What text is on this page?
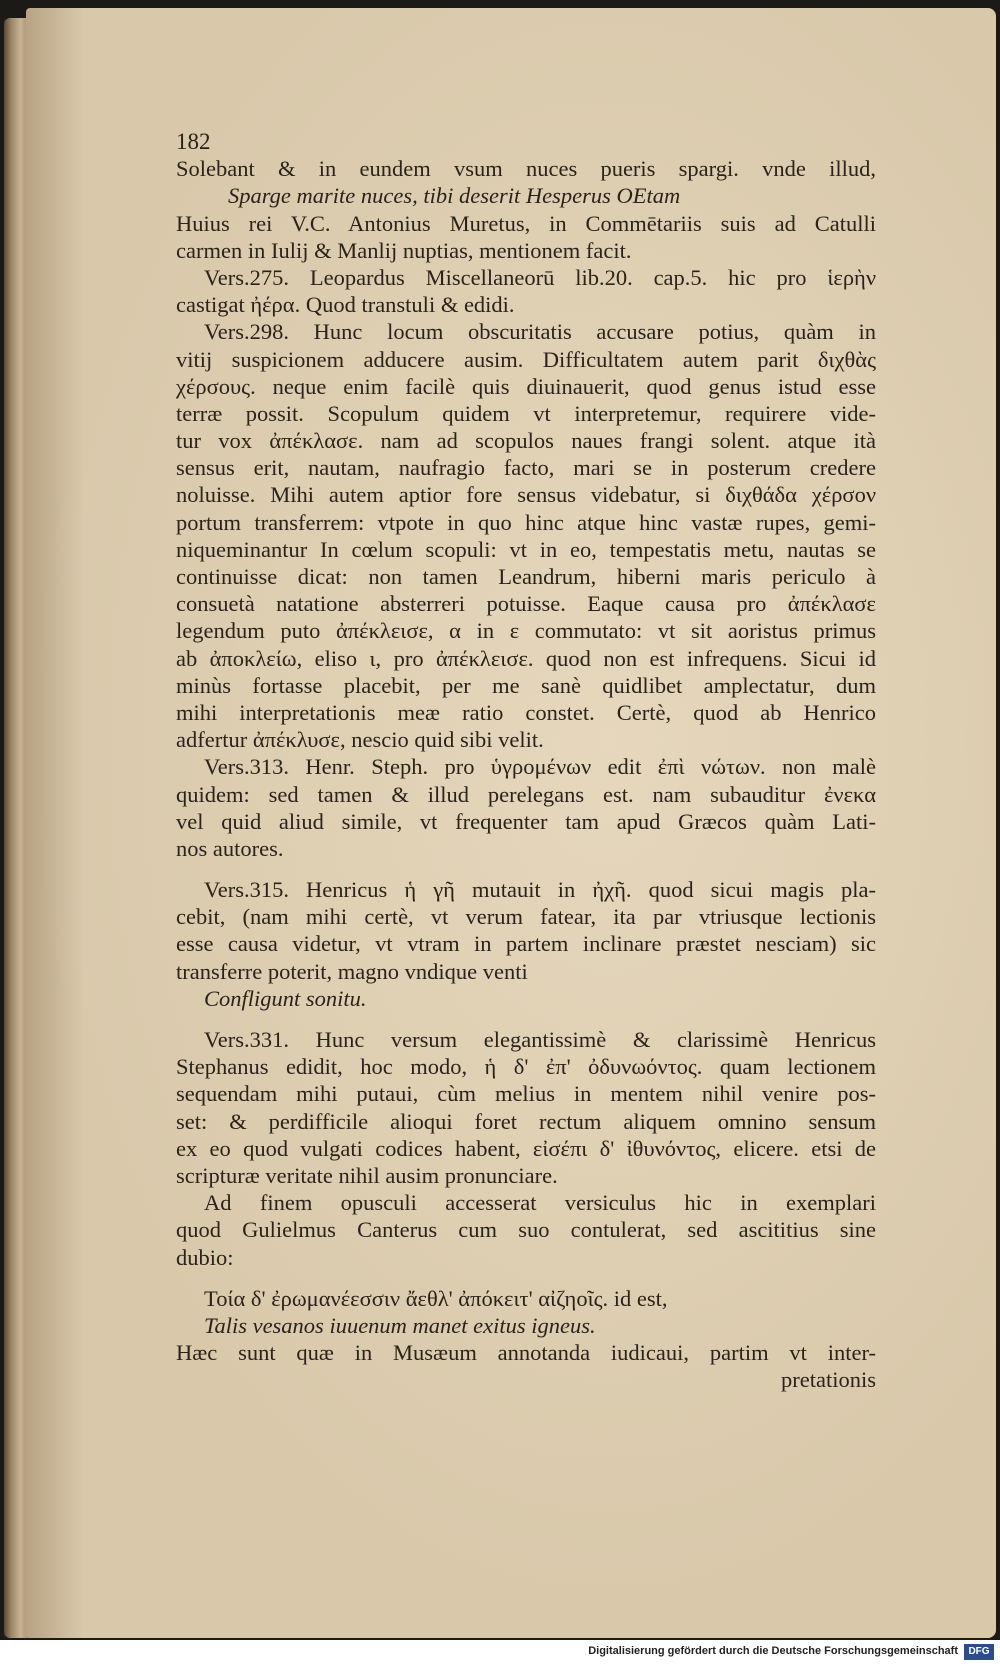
182
Solebant & in eundem vsum nuces pueris spargi. vnde illud,
Sparge marite nuces, tibi deserit Hesperus OEtam
Huius rei V.C. Antonius Muretus, in Commētariis suis ad Catulli
carmen in Iulij & Manlij nuptias, mentionem facit.
Vers.275. Leopardus Miscellaneorū lib.20. cap.5. hic pro ἱερὴν
castigat ἠέρα. Quod transtuli & edidi.
Vers.298. Hunc locum obscuritatis accusare potius, quàm in
vitij suspicionem adducere ausim. Difficultatem autem parit διχθὰς
χέρσους. neque enim facilè quis diuinauerit, quod genus istud esse
terræ possit. Scopulum quidem vt interpretemur, requirere vide-
tur vox ἀπέκλασε. nam ad scopulos naues frangi solent. atque ità
sensus erit, nautam, naufragio facto, mari se in posterum credere
noluisse. Mihi autem aptior fore sensus videbatur, si διχθάδα χέρσον
portum transferrem: vtpote in quo hinc atque hinc vastæ rupes, gemi-
niqueminantur In cœlum scopuli: vt in eo, tempestatis metu, nautas se
continuisse dicat: non tamen Leandrum, hiberni maris periculo à
consuetà natatione absterreri potuisse. Eaque causa pro ἀπέκλασε
legendum puto ἀπέκλεισε, α in ε commutato: vt sit aoristus primus
ab ἀποκλείω, eliso ι, pro ἀπέκλεισε. quod non est infrequens. Sicui id
minùs fortasse placebit, per me sanè quidlibet amplectatur, dum
mihi interpretationis meæ ratio constet. Certè, quod ab Henrico
adfertur ἀπέκλυσε, nescio quid sibi velit.
Vers.313. Henr. Steph. pro ὑγρομένων edit ἐπὶ νώτων. non malè
quidem: sed tamen & illud perelegans est. nam subauditur ἐνεκα
vel quid aliud simile, vt frequenter tam apud Græcos quàm Lati-
nos autores.
Vers.315. Henricus ἡ γῆ mutauit in ἠχῆ. quod sicui magis pla-
cebit, (nam mihi certè, vt verum fatear, ita par vtriusque lectionis
esse causa videtur, vt vtram in partem inclinare præstet nesciam) sic
transferre poterit, magno vndique venti
Confligunt sonitu.
Vers.331. Hunc versum elegantissimè & clarissimè Henricus
Stephanus edidit, hoc modo, ἡ δ' ἐπ' ὀδυνωόντος. quam lectionem
sequendam mihi putaui, cùm melius in mentem nihil venire pos-
set: & perdifficile alioqui foret rectum aliquem omnino sensum
ex eo quod vulgati codices habent, εἰσέπι δ' ἰθυνόντος, elicere. etsi de
scripturæ veritate nihil ausim pronunciare.
Ad finem opusculi accesserat versiculus hic in exemplari
quod Gulielmus Canterus cum suo contulerat, sed ascititius sine
dubio:
Τοία δ' ἐρωμανέεσσιν ἄεθλ' ἀπόκειτ' αἰζηοῖς. id est,
Talis vesanos iuuenum manet exitus igneus.
Hæc sunt quæ in Musæum annotanda iudicaui, partim vt inter-
pretationis
Digitalisierung gefördert durch die Deutsche Forschungsgemeinschaft	DFG
